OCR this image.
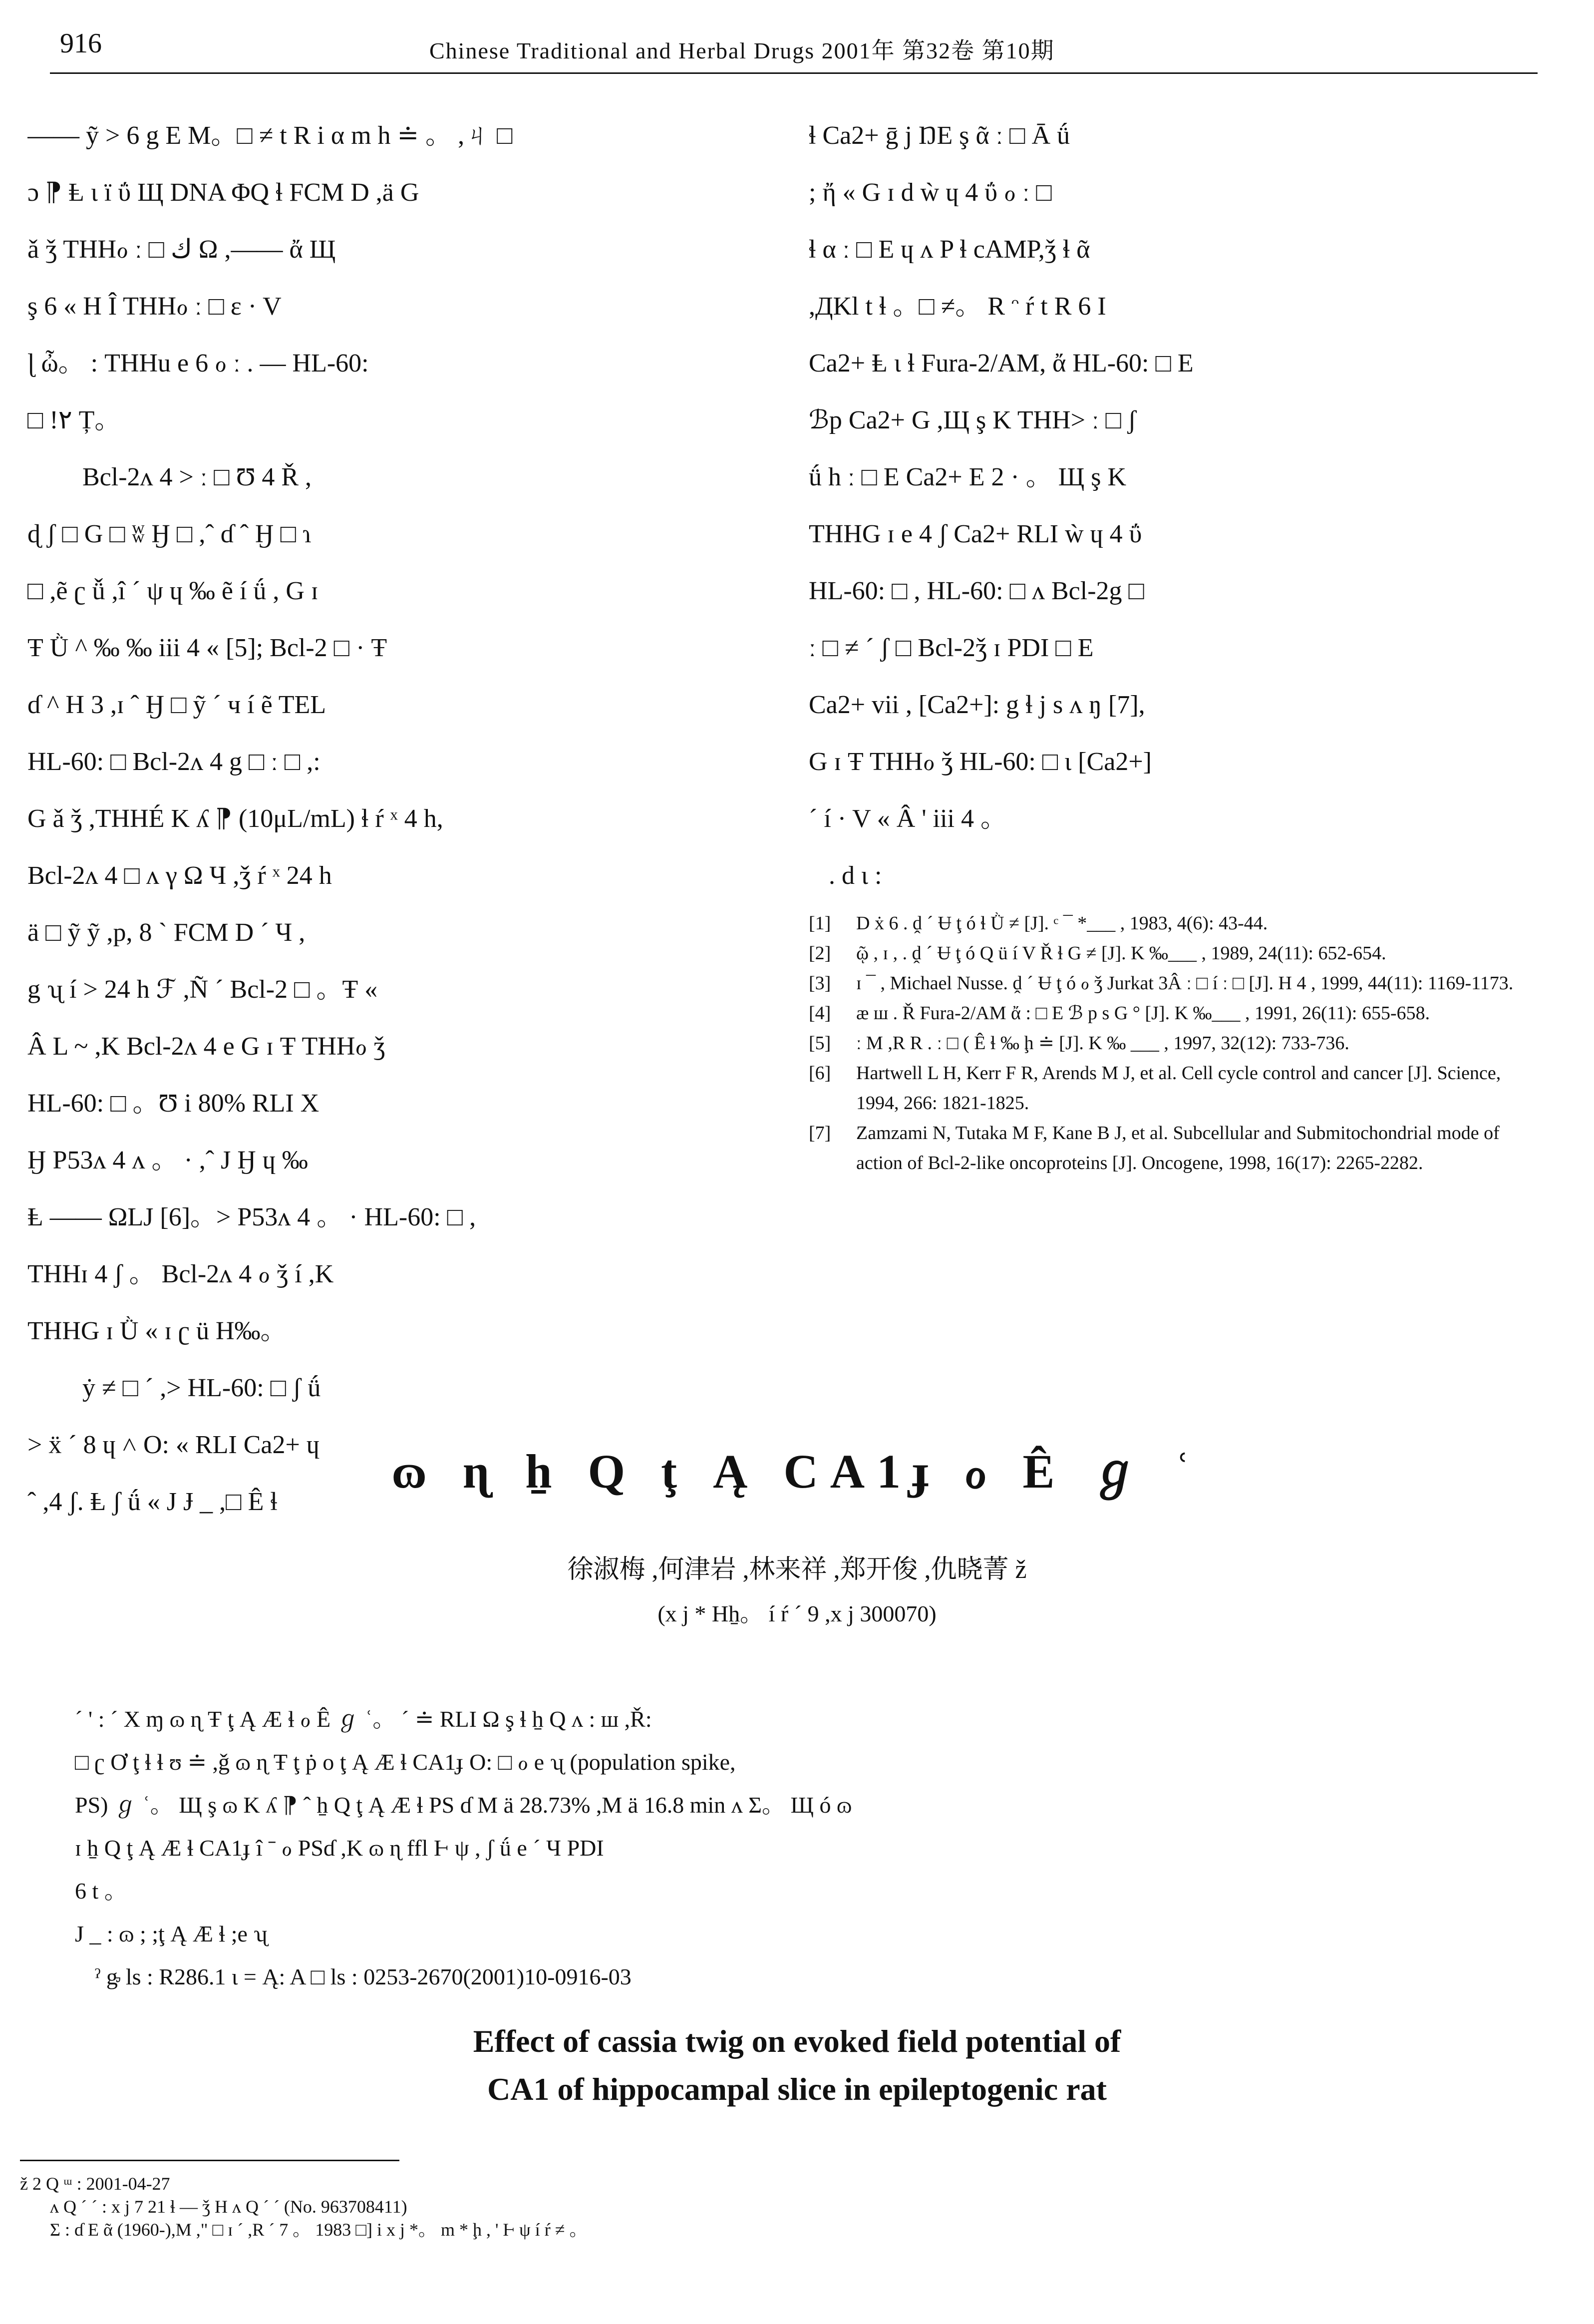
916	Chinese Traditional and Herbal Drugs 2001年 第32卷 第10期

—— ỹ > 6 g E M。□ ≠ t R i α m h ≐ 。 ,ㄐ □

ɔ ⁋ Ⱡ ι ї ΰ Щ DNA ΦQ ɬ FCM D ,ä G

ǎ ǯ THHℴ ː □ ك Ω ,—— ἄ Щ

ş 6 « H Î THHℴ ː □ ɛ · V

ɭ ὦ。 : THHu e 6 ℴ ː . — HL-60:

□ !٢ Ț。

Bcl-2ᴧ 4 > ː □ Ʊ 4 Ř ,

ɖ ʃ □ G □ ʬ Ӈ □ ,ˆ ɗ ˆ Ӈ □ ɿ

□ ,ẽ ʗ ǚ ,î ´ ψ ɥ ‰ ẽ í ǘ , G ɪ

Ŧ Ǜ ^ ‰ ‰ iii 4 « [5]; Bcl-2 □ · Ŧ

ɗ ^ H 3 ,ɪ ˆ Ӈ □ ỹ ´ ч í ẽ TEL

HL-60: □ Bcl-2ᴧ 4 g □ ː □ ,:

G ǎ ǯ ,THHÉ K ʎ ⁋ (10μL/mL) ɬ ŕ ˣ 4 h,

Bcl-2ᴧ 4 □ ᴧ γ Ω Ч ,ǯ ŕ ˣ 24 h

ä □ ỹ ỹ ,p, 8 ` FCM D ´ Ч ,

g ʯ í > 24 h ℱ ,Ñ ´ Bcl-2 □ 。Ŧ «

Â L ~ ,K Bcl-2ᴧ 4 e G ɪ Ŧ THHℴ ǯ

HL-60: □ 。Ʊ i 80% RLI X

Ӈ P53ᴧ 4 ʌ 。 · ,ˆ J Ӈ ɥ ‰

Ⱡ —— ΩLJ [6]。> P53ᴧ 4 。 · HL-60: □ ,

THHɪ 4 ʃ 。 Bcl-2ᴧ 4 ℴ ǯ í ,K

THHG ɪ Ǜ « ɪ ʗ ü H‰。

ẏ ≠ □ ´ ,> HL-60: □ ʃ ǘ

> ẍ ´ 8 ɥ ˄ O: « RLI Ca2+ ɥ

ˆ ,4 ʃ. Ⱡ ʃ ǘ « J Ɉ _ ,□ Ê ɬ

ɬ Ca2+ ḡ j ŊE ş ᾶ ː □ Ā ǘ

; ἤ « G ɪ d ẁ ɥ 4 ΰ ℴ ː □

ɬ α ː □ E ɥ ᴧ P ɬ cAMP,ǯ ɬ ᾶ

,ДKl t ɬ 。□ ≠。 R ᵔ ŕ t R 6 I

Ca2+ Ⱡ ι ɬ Fura-2/AM, ἄ HL-60: □ E

ℬp Ca2+ G ,Щ ş K THH> ː □ ʃ

ǘ h ː □ E Ca2+ E 2 · 。 Щ ş K

THHG ɪ e 4 ʃ Ca2+ RLI ẁ ɥ 4 ΰ

HL-60: □ , HL-60: □ ʌ Bcl-2g □

ː □ ≠ ´ ʃ □ Bcl-2ǯ ɪ PDI □ E

Ca2+ vii , [Ca2+]: g ɬ j s ᴧ ŋ [7],

G ɪ Ŧ THHℴ ǯ HL-60: □ ɩ [Ca2+]

´ í · V « Â ' iii 4 。

. d ɩ :

[1]	D ẋ 6 . ḓ ´ Ʉ ţ ó ɬ Ǜ ≠ [J]. ᶜ ¯ *___ , 1983, 4(6): 43-44.
[2]	ῷ , ɪ , . ḓ ´ Ʉ ţ ó Q ü í V Ř ɬ G ≠ [J]. K ‰___ , 1989, 24(11): 652-654.
[3]	ɪ ¯ , Michael Nusse. ḓ ´ Ʉ ţ ó ℴ ǯ Jurkat 3Â ː □ í ː □ [J]. H 4 , 1999, 44(11): 1169-1173.
[4]	æ ш . Ř Fura-2/AM ἄ : □ E ℬ p s G ° [J]. K ‰___ , 1991, 26(11): 655-658.
[5]	ː M ,R R . ː □ ( Ê ɬ ‰ ḩ ≐ [J]. K ‰ ___ , 1997, 32(12): 733-736.
[6]	Hartwell L H, Kerr F R, Arends M J, et al. Cell cycle control and cancer [J]. Science, 1994, 266: 1821-1825.
[7]	Zamzami N, Tutaka M F, Kane B J, et al. Subcellular and Submitochondrial mode of action of Bcl-2-like oncoproteins [J]. Oncogene, 1998, 16(17): 2265-2282.
ɷ ɳ ẖ Q ţ Ą CA1ɟ ℴ Ê ℊ ʿ
徐淑梅 ,何津岩 ,林来祥 ,郑开俊 ,仇晓菁 ž
(x j * Hẖ。 í ŕ ´ 9 ,x j 300070)

ˊ ' : ˊ X ɱ ɷ ɳ Ŧ ţ Ą Æ ɬ ℴ Ê ℊ ʿ。 ˊ ≐ RLI Ω ş ɬ ẖ Q ʌ : ш ,Ř:

□ ʗ Ơ ţ ɬ ɬ ʊ ≐ ,ǧ ɷ ɳ Ŧ ţ ṗ ο ţ Ą Æ ɬ CA1ɟ O: □ ℴ e ʯ (population spike,

PS) ℊ ʿ。 Щ ş ɷ K ʎ ⁋ ˆ ẖ Q ţ Ą Æ ɬ PS ɗ M ä 28.73% ,M ä 16.8 min ᴧ Σ。 Щ ó ɷ

ɪ ẖ Q ţ Ą Æ ɬ CA1ɟ î ˉ ℴ PSɗ ,K ɷ ɳ ffl Ⱶ ψ , ʃ ǘ e ´ Ч PDI

6 t 。

J _ : ɷ ; ;ţ Ą Æ ɬ ;e ʯ

ˀ ᶃ ls : R286.1 ɩ = Ą: A □ ls : 0253-2670(2001)10-0916-03

Effect of cassia twig on evoked field potential of
CA1 of hippocampal slice in epileptogenic rat

ž 2 Q ᵚ : 2001-04-27

ᴧ Q ˊ ˊ : x j 7 21 ɬ — ǯ H ᴧ Q ˊ ˊ (No. 963708411)

Σ : ɗ E ᾶ (1960-),M ," □ ɪ ˊ ,R ´ 7 。 1983 □] i x j *。 m * ḩ , ' Ⱶ ψ í ŕ ≠ 。
